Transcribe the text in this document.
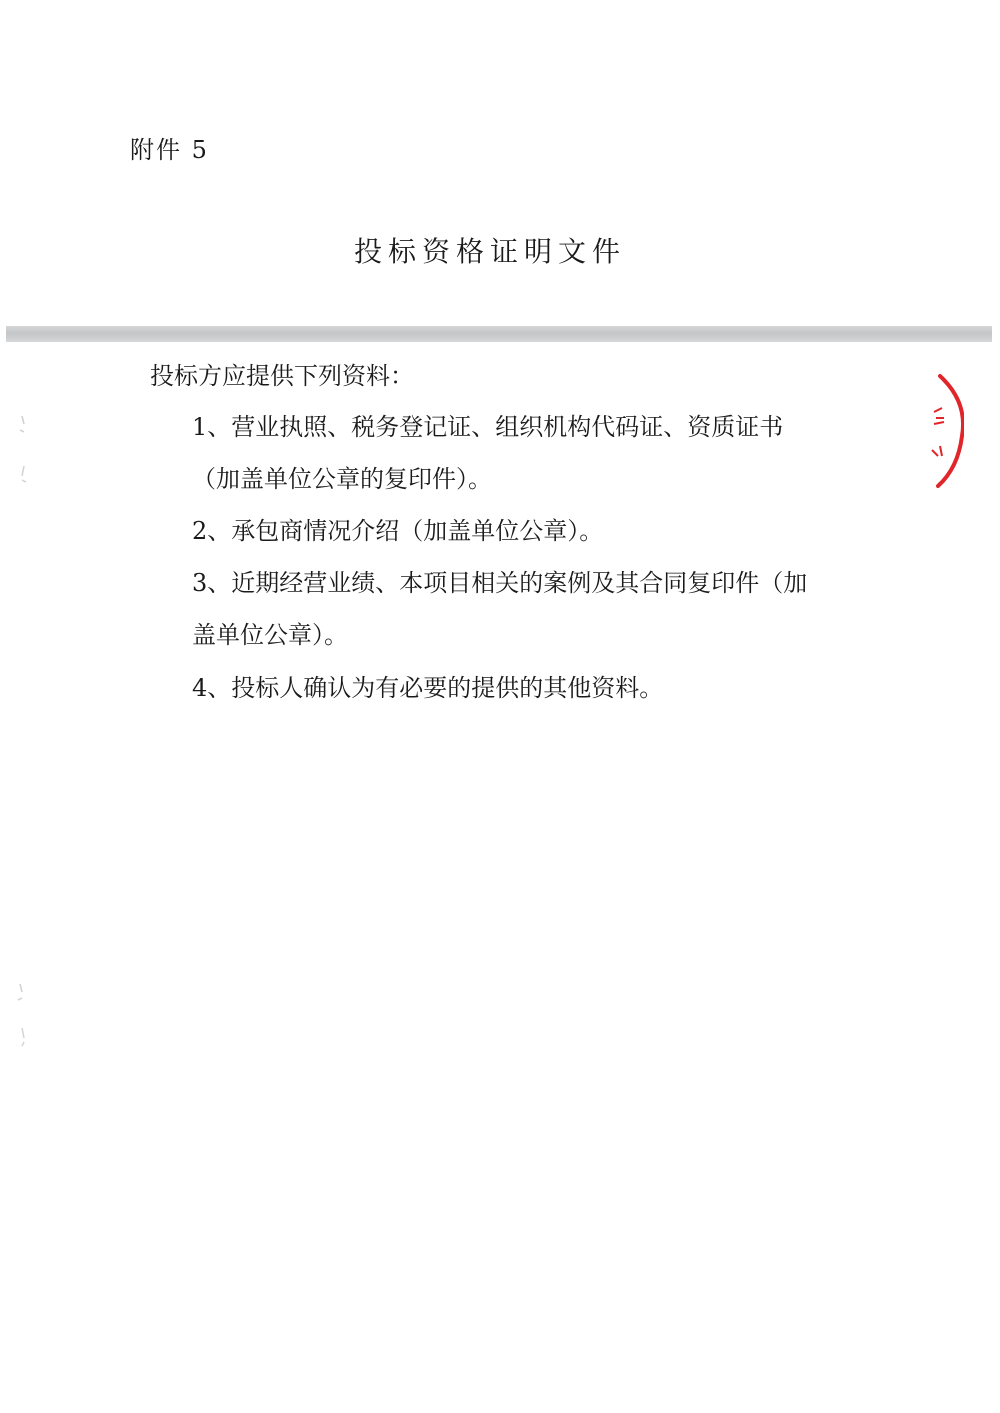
附件 5
投标资格证明文件
投标方应提供下列资料：
1、营业执照、税务登记证、组织机构代码证、资质证书
（加盖单位公章的复印件）。
2、承包商情况介绍（加盖单位公章）。
3、近期经营业绩、本项目相关的案例及其合同复印件（加
盖单位公章）。
4、投标人确认为有必要的提供的其他资料。
